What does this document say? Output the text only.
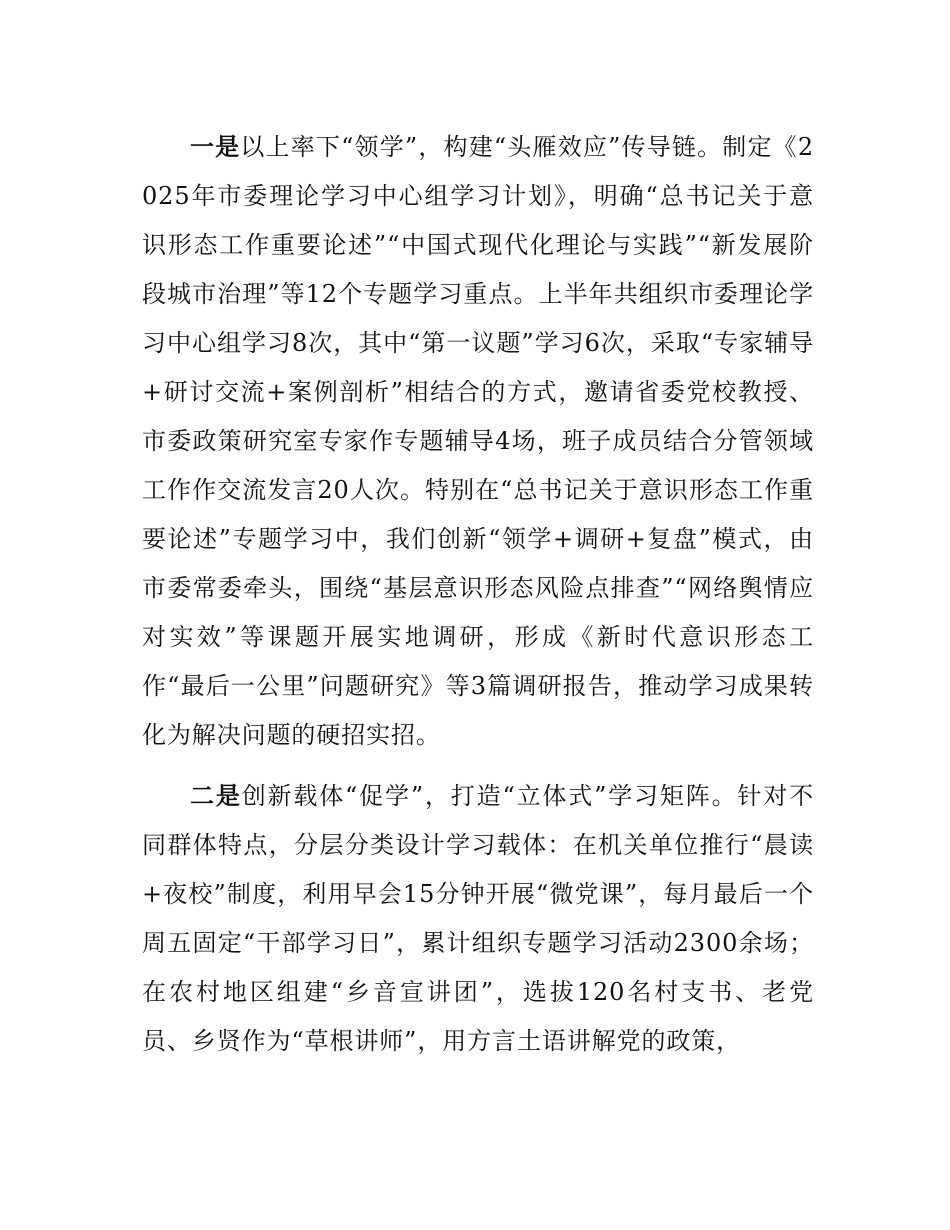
一是以上率下“领学”，构建“头雁效应”传导链。制定《2025年市委理论学习中心组学习计划》，明确“总书记关于意识形态工作重要论述”“中国式现代化理论与实践”“新发展阶段城市治理”等12个专题学习重点。上半年共组织市委理论学习中心组学习8次，其中“第一议题”学习6次，采取“专家辅导+研讨交流+案例剖析”相结合的方式，邀请省委党校教授、市委政策研究室专家作专题辅导4场，班子成员结合分管领域工作作交流发言20人次。特别在“总书记关于意识形态工作重要论述”专题学习中，我们创新“领学+调研+复盘”模式，由市委常委牵头，围绕“基层意识形态风险点排查”“网络舆情应对实效”等课题开展实地调研，形成《新时代意识形态工作“最后一公里”问题研究》等3篇调研报告，推动学习成果转化为解决问题的硬招实招。

二是创新载体“促学”，打造“立体式”学习矩阵。针对不同群体特点，分层分类设计学习载体：在机关单位推行“晨读+夜校”制度，利用早会15分钟开展“微党课”，每月最后一个周五固定“干部学习日”，累计组织专题学习活动2300余场；在农村地区组建“乡音宣讲团”，选拔120名村支书、老党员、乡贤作为“草根讲师”，用方言土语讲解党的政策，
